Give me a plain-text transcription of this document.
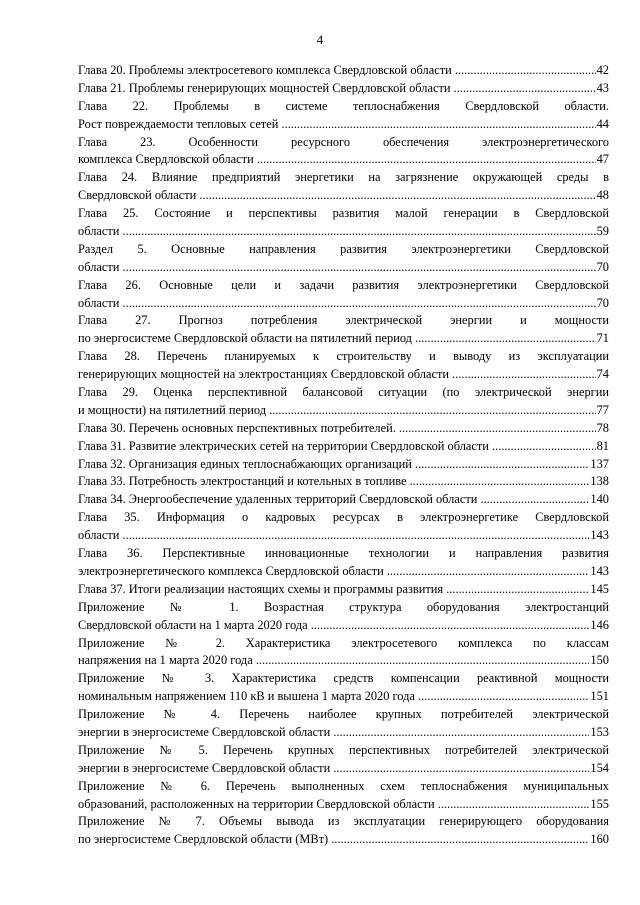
4
Глава 20. Проблемы электросетевого комплекса Свердловской области .....	42
Глава 21. Проблемы генерирующих мощностей Свердловской области .....	43
Глава 22. Проблемы в системе теплоснабжения Свердловской области.
Рост повреждаемости тепловых сетей .....	44
Глава 23. Особенности ресурсного обеспечения электроэнергетического
комплекса Свердловской области .....	47
Глава 24. Влияние предприятий энергетики на загрязнение окружающей среды в
Свердловской области .....	48
Глава 25. Состояние и перспективы развития малой генерации в Свердловской
области .....	59
Раздел 5. Основные направления развития электроэнергетики Свердловской
области .....	70
Глава 26. Основные цели и задачи развития электроэнергетики Свердловской
области .....	70
Глава 27. Прогноз потребления электрической энергии и мощности
по энергосистеме Свердловской области на пятилетний период .....	71
Глава 28. Перечень планируемых к строительству и выводу из эксплуатации
генерирующих мощностей на электростанциях Свердловской области .....	74
Глава 29. Оценка перспективной балансовой ситуации (по электрической энергии
и мощности) на пятилетний период .....	77
Глава 30. Перечень основных перспективных потребителей. .....	78
Глава 31. Развитие электрических сетей на территории Свердловской области .....	81
Глава 32. Организация единых теплоснабжающих организаций .....	137
Глава 33. Потребность электростанций и котельных в топливе .....	138
Глава 34. Энергообеспечение удаленных территорий Свердловской области .....	140
Глава 35. Информация о кадровых ресурсах в электроэнергетике Свердловской
области .....	143
Глава 36. Перспективные инновационные технологии и направления развития
электроэнергетического комплекса Свердловской области .....	143
Глава 37. Итоги реализации настоящих схемы и программы развития .....	145
Приложение № 1. Возрастная структура оборудования электростанций
Свердловской области на 1 марта 2020 года .....	146
Приложение № 2. Характеристика электросетевого комплекса по классам
напряжения на 1 марта 2020 года .....	150
Приложение № 3. Характеристика средств компенсации реактивной мощности
номинальным напряжением 110 кВ и вышена 1 марта 2020 года .....	151
Приложение № 4. Перечень наиболее крупных потребителей электрической
энергии в энергосистеме Свердловской области .....	153
Приложение № 5. Перечень крупных перспективных потребителей электрической
энергии в энергосистеме Свердловской области .....	154
Приложение № 6. Перечень выполненных схем теплоснабжения муниципальных
образований, расположенных на территории Свердловской области .....	155
Приложение № 7. Объемы вывода из эксплуатации генерирующего оборудования
по энергосистеме Свердловской области (МВт) .....	160
